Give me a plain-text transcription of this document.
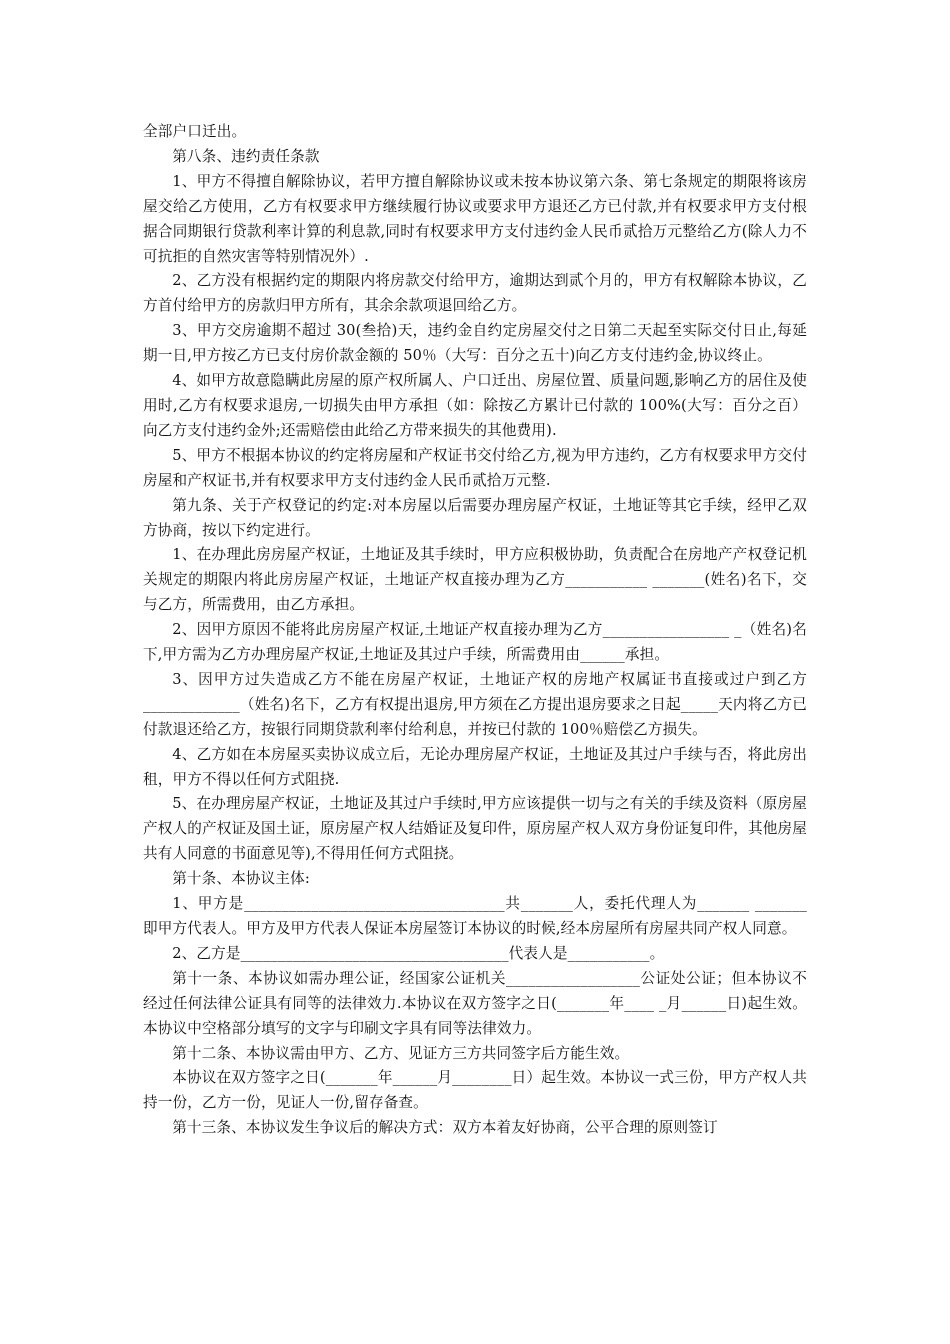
全部户口迁出。

第八条、违约责任条款

1、甲方不得擅自解除协议，若甲方擅自解除协议或未按本协议第六条、第七条规定的期限将该房屋交给乙方使用，乙方有权要求甲方继续履行协议或要求甲方退还乙方已付款,并有权要求甲方支付根据合同期银行贷款利率计算的利息款,同时有权要求甲方支付违约金人民币贰拾万元整给乙方(除人力不可抗拒的自然灾害等特别情况外）.

2、乙方没有根据约定的期限内将房款交付给甲方，逾期达到贰个月的，甲方有权解除本协议，乙方首付给甲方的房款归甲方所有，其余余款项退回给乙方。

3、甲方交房逾期不超过 30(叁拾)天，违约金自约定房屋交付之日第二天起至实际交付日止,每延期一日,甲方按乙方已支付房价款金额的 50％（大写：百分之五十)向乙方支付违约金,协议终止。

4、如甲方故意隐瞒此房屋的原产权所属人、户口迁出、房屋位置、质量问题,影响乙方的居住及使用时,乙方有权要求退房,一切损失由甲方承担（如：除按乙方累计已付款的 100%(大写：百分之百）向乙方支付违约金外;还需赔偿由此给乙方带来损失的其他费用).

5、甲方不根据本协议的约定将房屋和产权证书交付给乙方,视为甲方违约，乙方有权要求甲方交付房屋和产权证书,并有权要求甲方支付违约金人民币贰拾万元整.

第九条、关于产权登记的约定:对本房屋以后需要办理房屋产权证，土地证等其它手续，经甲乙双方协商，按以下约定进行。

1、在办理此房房屋产权证，土地证及其手续时，甲方应积极协助，负责配合在房地产产权登记机关规定的期限内将此房房屋产权证，土地证产权直接办理为乙方___________ _______(姓名)名下，交与乙方，所需费用，由乙方承担。

2、因甲方原因不能将此房房屋产权证,土地证产权直接办理为乙方_________________ _（姓名)名下,甲方需为乙方办理房屋产权证,土地证及其过户手续，所需费用由______承担。

3、因甲方过失造成乙方不能在房屋产权证，土地证产权的房地产权属证书直接或过户到乙方_____________（姓名)名下，乙方有权提出退房,甲方须在乙方提出退房要求之日起_____天内将乙方已付款退还给乙方，按银行同期贷款利率付给利息，并按已付款的 100％赔偿乙方损失。

4、乙方如在本房屋买卖协议成立后，无论办理房屋产权证，土地证及其过户手续与否，将此房出租，甲方不得以任何方式阻挠.

5、在办理房屋产权证，土地证及其过户手续时,甲方应该提供一切与之有关的手续及资料（原房屋产权人的产权证及国土证，原房屋产权人结婚证及复印件，原房屋产权人双方身份证复印件，其他房屋共有人同意的书面意见等),不得用任何方式阻挠。

第十条、本协议主体:

1、甲方是___________________________________共_______人，委托代理人为_______ _______即甲方代表人。甲方及甲方代表人保证本房屋签订本协议的时候,经本房屋所有房屋共同产权人同意。

2、乙方是____________________________________代表人是___________。

第十一条、本协议如需办理公证，经国家公证机关__________________公证处公证；但本协议不经过任何法律公证具有同等的法律效力.本协议在双方签字之日(_______年____ _月______日)起生效。本协议中空格部分填写的文字与印刷文字具有同等法律效力。

第十二条、本协议需由甲方、乙方、见证方三方共同签字后方能生效。

本协议在双方签字之日(_______年______月________日）起生效。本协议一式三份，甲方产权人共持一份，乙方一份，见证人一份,留存备查。

第十三条、本协议发生争议后的解决方式：双方本着友好协商，公平合理的原则签订
